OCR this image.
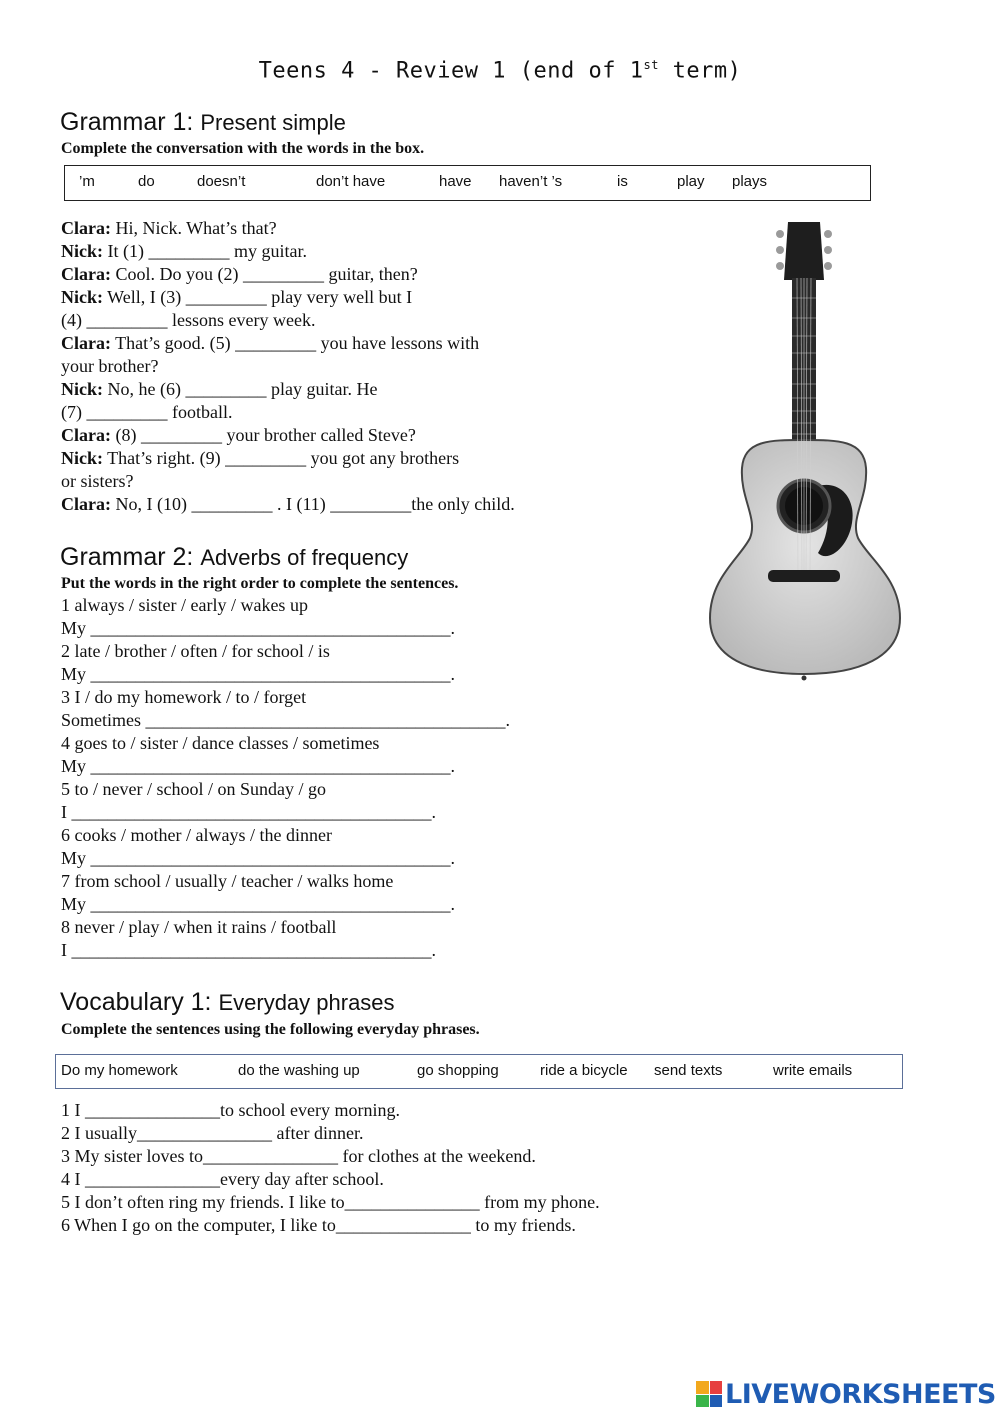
Teens 4 - Review 1 (end of 1st term)
Grammar 1: Present simple
Complete the conversation with the words in the box.
’m	do	doesn’t	don’t have	have haven’t ’s	is	play plays
Clara: Hi, Nick. What’s that?
Nick: It (1) _________ my guitar.
Clara: Cool. Do you (2) _________ guitar, then?
Nick: Well, I (3) _________ play very well but I
(4) _________ lessons every week.
Clara: That’s good. (5) _________ you have lessons with
your brother?
Nick: No, he (6) _________ play guitar. He
(7) _________ football.
Clara: (8) _________ your brother called Steve?
Nick: That’s right. (9) _________ you got any brothers
or sisters?
Clara: No, I (10) _________ . I (11) _________the only child.
Grammar 2: Adverbs of frequency
Put the words in the right order to complete the sentences.
1 always / sister / early / wakes up
My ________________________________________.
2 late / brother / often / for school / is
My ________________________________________.
3 I / do my homework / to / forget
Sometimes ________________________________________.
4 goes to / sister / dance classes / sometimes
My ________________________________________.
5 to / never / school / on Sunday / go
I ________________________________________.
6 cooks / mother / always / the dinner
My ________________________________________.
7 from school / usually / teacher / walks home
My ________________________________________.
8 never / play / when it rains / football
I ________________________________________.
Vocabulary 1: Everyday phrases
Complete the sentences using the following everyday phrases.
Do my homework	do the washing up	go shopping	ride a bicycle send texts	write emails
1 I _______________to school every morning.
2 I usually_______________ after dinner.
3 My sister loves to_______________ for clothes at the weekend.
4 I _______________every day after school.
5 I don’t often ring my friends. I like to_______________ from my phone.
6 When I go on the computer, I like to_______________ to my friends.
LIVEWORKSHEETS
